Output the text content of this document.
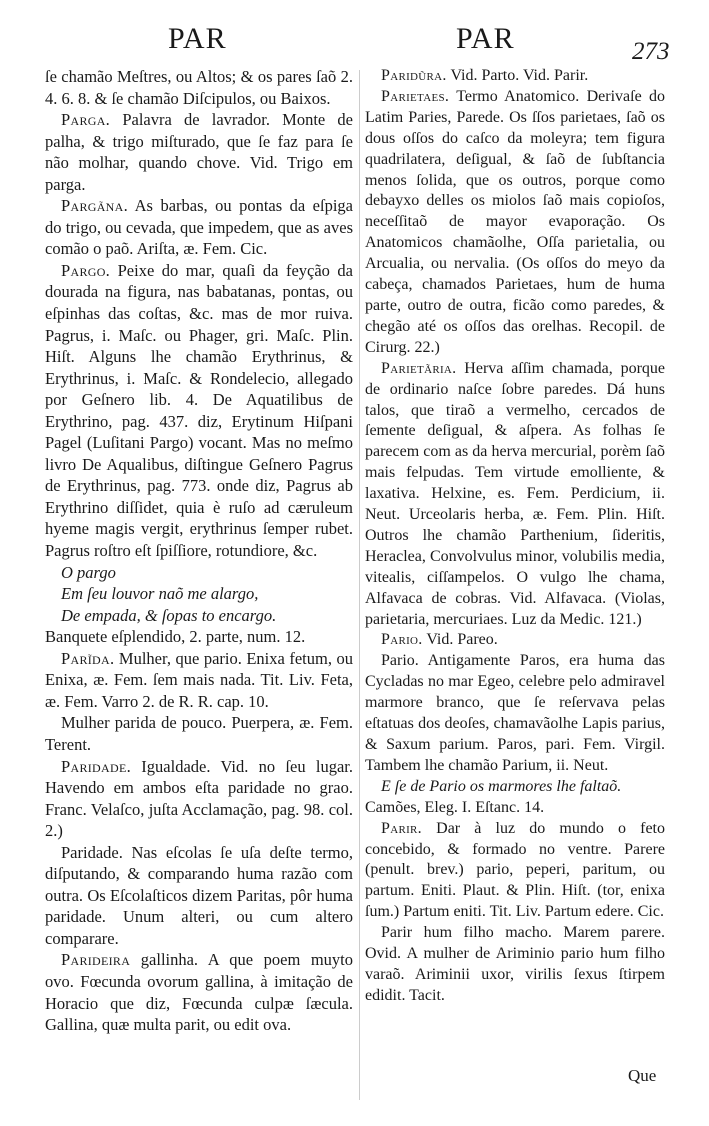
PAR	PAR	273

ſe chamão Meſtres, ou Altos; & os pares ſaõ 2. 4. 6. 8. & ſe chamão Diſcipulos, ou Baixos.

Parga. Palavra de lavrador. Monte de palha, & trigo miſturado, que ſe faz para ſe não molhar, quando chove. Vid. Trigo em parga.

Pargãna. As barbas, ou pontas da eſpiga do trigo, ou cevada, que impedem, que as aves comão o paõ. Ariſta, æ. Fem. Cic.

Pargo. Peixe do mar, quaſi da feyção da dourada na figura, nas babatanas, pontas, ou eſpinhas das coſtas, &c. mas de mor ruiva. Pagrus, i. Maſc. ou Phager, gri. Maſc. Plin. Hiſt. Alguns lhe chamão Erythrinus, & Erythrinus, i. Maſc. & Rondelecio, allegado por Geſnero lib. 4. De Aquatilibus de Erythrino, pag. 437. diz, Erytinum Hiſpani Pagel (Luſitani Pargo) vocant. Mas no meſmo livro De Aqualibus, diſtingue Geſnero Pagrus de Erythrinus, pag. 773. onde diz, Pagrus ab Erythrino diſſidet, quia è ruſo ad cæruleum hyeme magis vergit, erythrinus ſemper rubet. Pagrus roſtro eſt ſpiſſiore, rotundiore, &c.

O pargo

Em ſeu louvor naõ me alargo,

De empada, & ſopas to encargo.

Banquete eſplendido, 2. parte, num. 12.

Parĩda. Mulher, que pario. Enixa fetum, ou Enixa, æ. Fem. ſem mais nada. Tit. Liv. Feta, æ. Fem. Varro 2. de R. R. cap. 10.

Mulher parida de pouco. Puerpera, æ. Fem. Terent.

Paridade. Igualdade. Vid. no ſeu lugar. Havendo em ambos eſta paridade no grao. Franc. Velaſco, juſta Acclamação, pag. 98. col. 2.)

Paridade. Nas eſcolas ſe uſa deſte termo, diſputando, & comparando huma razão com outra. Os Eſcolaſticos dizem Paritas, pôr huma paridade. Unum alteri, ou cum altero comparare.

Parideira gallinha. A que poem muyto ovo. Fœcunda ovorum gallina, à imitação de Horacio que diz, Fœcunda culpæ ſæcula. Gallina, quæ multa parit, ou edit ova.

Paridũra. Vid. Parto. Vid. Parir.

Parietaes. Termo Anatomico. Derivaſe do Latim Paries, Parede. Os ſſos parietaes, ſaõ os dous oſſos do caſco da moleyra; tem figura quadrilatera, deſigual, & ſaõ de ſubſtancia menos ſolida, que os outros, porque como debayxo delles os miolos ſaõ mais copioſos, neceſſitaõ de mayor evaporação. Os Anatomicos chamãolhe, Oſſa parietalia, ou Arcualia, ou nervalia. (Os oſſos do meyo da cabeça, chamados Parietaes, hum de huma parte, outro de outra, ficão como paredes, & chegão até os oſſos das orelhas. Recopil. de Cirurg. 22.)

Parietãria. Herva aſſim chamada, porque de ordinario naſce ſobre paredes. Dá huns talos, que tiraõ a vermelho, cercados de ſemente deſigual, & aſpera. As folhas ſe parecem com as da herva mercurial, porèm ſaõ mais felpudas. Tem virtude emolliente, & laxativa. Helxine, es. Fem. Perdicium, ii. Neut. Urceolaris herba, æ. Fem. Plin. Hiſt. Outros lhe chamão Parthenium, ſideritis, Heraclea, Convolvulus minor, volubilis media, vitealis, ciſſampelos. O vulgo lhe chama, Alfavaca de cobras. Vid. Alfavaca. (Violas, parietaria, mercuriaes. Luz da Medic. 121.)

Pario. Vid. Pareo.

Pario. Antigamente Paros, era huma das Cycladas no mar Egeo, celebre pelo admiravel marmore branco, que ſe reſervava pelas eſtatuas dos deoſes, chamavãolhe Lapis parius, & Saxum parium. Paros, pari. Fem. Virgil. Tambem lhe chamão Parium, ii. Neut.

E ſe de Pario os marmores lhe faltaõ.

Camões, Eleg. I. Eſtanc. 14.

Parir. Dar à luz do mundo o feto concebido, & formado no ventre. Parere (penult. brev.) pario, peperi, paritum, ou partum. Eniti. Plaut. & Plin. Hiſt. (tor, enixa ſum.) Partum eniti. Tit. Liv. Partum edere. Cic.

Parir hum filho macho. Marem parere. Ovid. A mulher de Ariminio pario hum filho varaõ. Ariminii uxor, virilis ſexus ſtirpem edidit. Tacit.

Que
